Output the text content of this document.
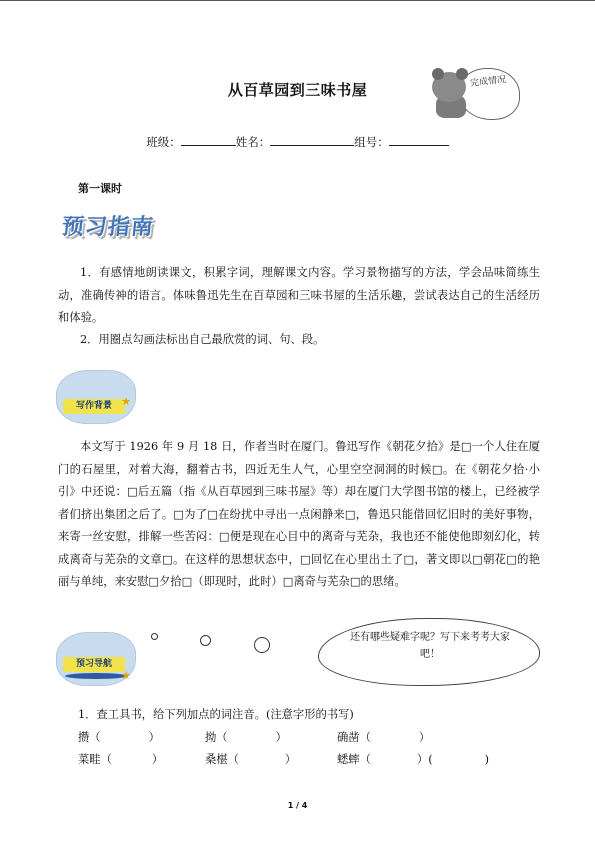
从百草园到三味书屋	完成情况
班级：	姓名：	组号：
第一课时
预习指南
1．有感情地朗读课文，积累字词，理解课文内容。学习景物描写的方法，学会品味简练生动，准确传神的语言。体味鲁迅先生在百草园和三味书屋的生活乐趣，尝试表达自己的生活经历和体验。
2．用圈点勾画法标出自己最欣赏的词、句、段。
写作背景 ★
本文写于 1926 年 9 月 18 日，作者当时在厦门。鲁迅写作《朝花夕拾》是□一个人住在厦门的石屋里，对着大海，翻着古书，四近无生人气，心里空空洞洞的时候□。在《朝花夕拾·小引》中还说：□后五篇（指《从百草园到三味书屋》等）却在厦门大学图书馆的楼上，已经被学者们挤出集团之后了。□为了□在纷扰中寻出一点闲静来□，鲁迅只能借回忆旧时的美好事物，来寄一丝安慰，排解一些苦闷：□便是现在心目中的离奇与芜杂，我也还不能使他即刻幻化，转成离奇与芜杂的文章□。在这样的思想状态中，□回忆在心里出土了□，著文即以□朝花□的艳丽与单纯，来安慰□夕拾□（即现时，此时）□离奇与芜杂□的思绪。
预习导航
★
还有哪些疑难字呢？写下来考考大家吧！
1．查工具书，给下列加点的词注音。(注意字形的书写)
攒（	）	拗（	）	确凿（	）
菜畦（	）	桑椹（	）	蟋蟀（	）(	)
1 / 4
